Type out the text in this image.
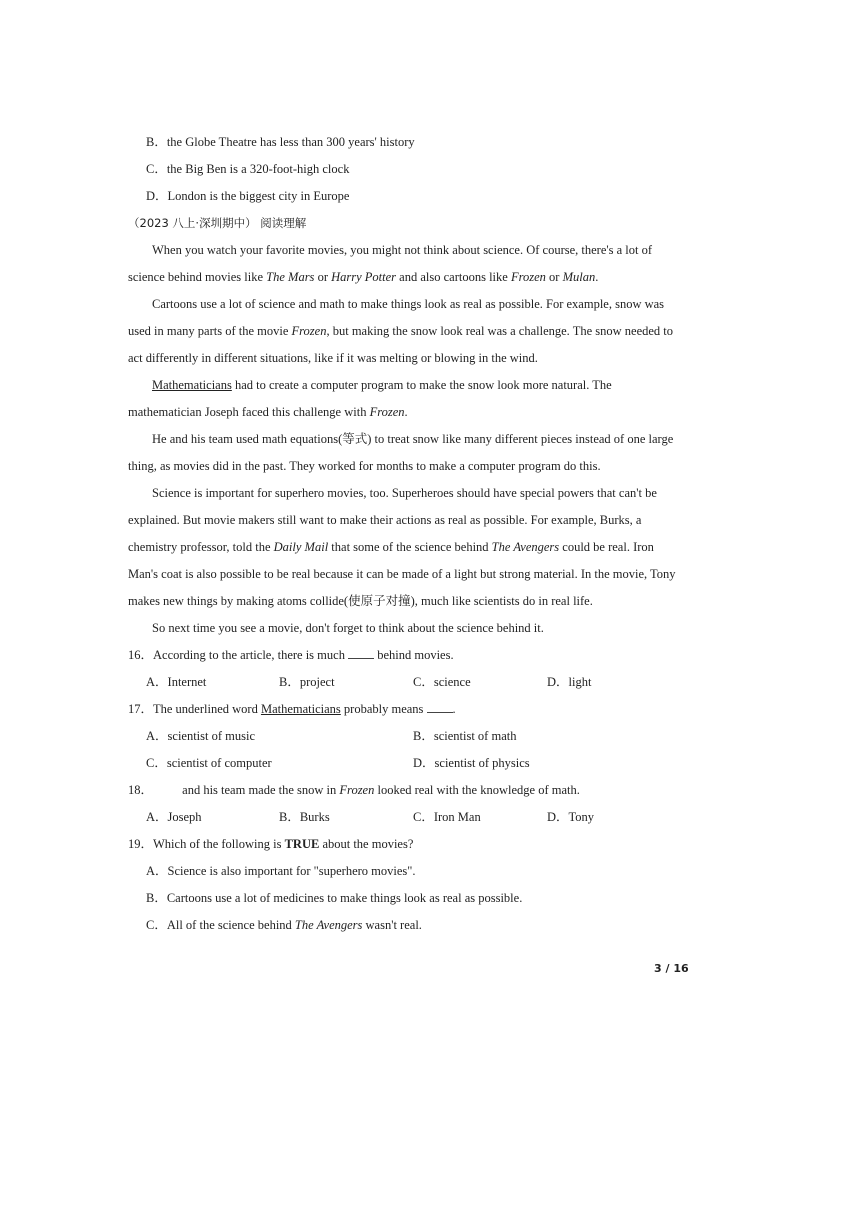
B．the Globe Theatre has less than 300 years' history
C．the Big Ben is a 320-foot-high clock
D．London is the biggest city in Europe
（2023 八上·深圳期中） 阅读理解
When you watch your favorite movies, you might not think about science. Of course, there's a lot of
science behind movies like The Mars or Harry Potter and also cartoons like Frozen or Mulan.
Cartoons use a lot of science and math to make things look as real as possible. For example, snow was
used in many parts of the movie Frozen, but making the snow look real was a challenge. The snow needed to
act differently in different situations, like if it was melting or blowing in the wind.
Mathematicians had to create a computer program to make the snow look more natural. The
mathematician Joseph faced this challenge with Frozen.
He and his team used math equations(等式) to treat snow like many different pieces instead of one large
thing, as movies did in the past. They worked for months to make a computer program do this.
Science is important for superhero movies, too. Superheroes should have special powers that can't be
explained. But movie makers still want to make their actions as real as possible. For example, Burks, a
chemistry professor, told the Daily Mail that some of the science behind The Avengers could be real. Iron
Man's coat is also possible to be real because it can be made of a light but strong material. In the movie, Tony
makes new things by making atoms collide(使原子对撞), much like scientists do in real life.
So next time you see a movie, don't forget to think about the science behind it.
16．According to the article, there is much  behind movies.
A．Internet	B．project	C．science	D．light
17．The underlined word Mathematicians probably means .
A．scientist of music	B．scientist of math
C．scientist of computer	D．scientist of physics
18． and his team made the snow in Frozen looked real with the knowledge of math.
A．Joseph	B．Burks	C．Iron Man	D．Tony
19．Which of the following is TRUE about the movies?
A．Science is also important for "superhero movies".
B．Cartoons use a lot of medicines to make things look as real as possible.
C．All of the science behind The Avengers wasn't real.
3 / 16
